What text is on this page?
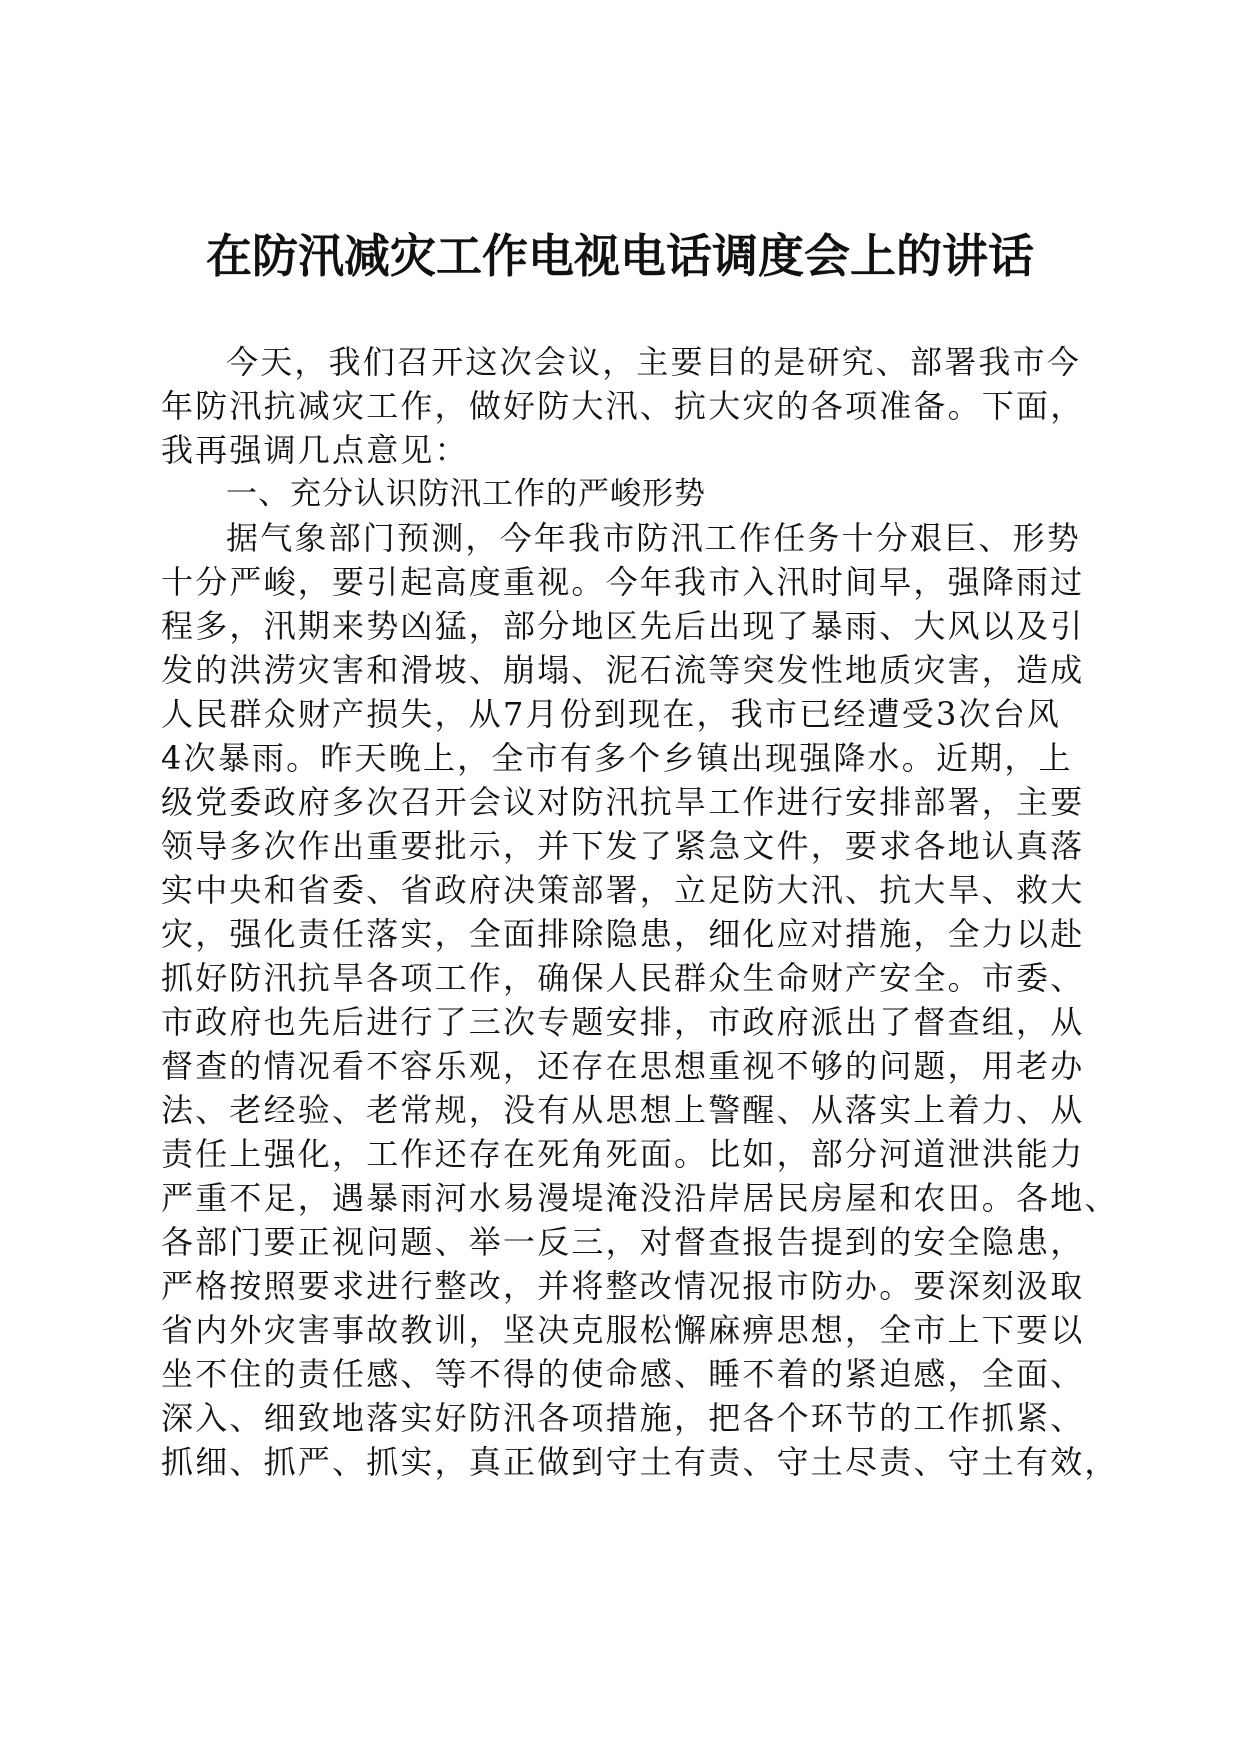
在防汛减灾工作电视电话调度会上的讲话
今天，我们召开这次会议，主要目的是研究、部署我市今
年防汛抗减灾工作，做好防大汛、抗大灾的各项准备。下面，
我再强调几点意见：
一、充分认识防汛工作的严峻形势
据气象部门预测，今年我市防汛工作任务十分艰巨、形势
十分严峻，要引起高度重视。今年我市入汛时间早，强降雨过
程多，汛期来势凶猛，部分地区先后出现了暴雨、大风以及引
发的洪涝灾害和滑坡、崩塌、泥石流等突发性地质灾害，造成
人民群众财产损失，从7月份到现在，我市已经遭受3次台风
4次暴雨。昨天晚上，全市有多个乡镇出现强降水。近期，上
级党委政府多次召开会议对防汛抗旱工作进行安排部署，主要
领导多次作出重要批示，并下发了紧急文件，要求各地认真落
实中央和省委、省政府决策部署，立足防大汛、抗大旱、救大
灾，强化责任落实，全面排除隐患，细化应对措施，全力以赴
抓好防汛抗旱各项工作，确保人民群众生命财产安全。市委、
市政府也先后进行了三次专题安排，市政府派出了督查组，从
督查的情况看不容乐观，还存在思想重视不够的问题，用老办
法、老经验、老常规，没有从思想上警醒、从落实上着力、从
责任上强化，工作还存在死角死面。比如，部分河道泄洪能力
严重不足，遇暴雨河水易漫堤淹没沿岸居民房屋和农田。各地、
各部门要正视问题、举一反三，对督查报告提到的安全隐患，
严格按照要求进行整改，并将整改情况报市防办。要深刻汲取
省内外灾害事故教训，坚决克服松懈麻痹思想，全市上下要以
坐不住的责任感、等不得的使命感、睡不着的紧迫感，全面、
深入、细致地落实好防汛各项措施，把各个环节的工作抓紧、
抓细、抓严、抓实，真正做到守土有责、守土尽责、守土有效，
